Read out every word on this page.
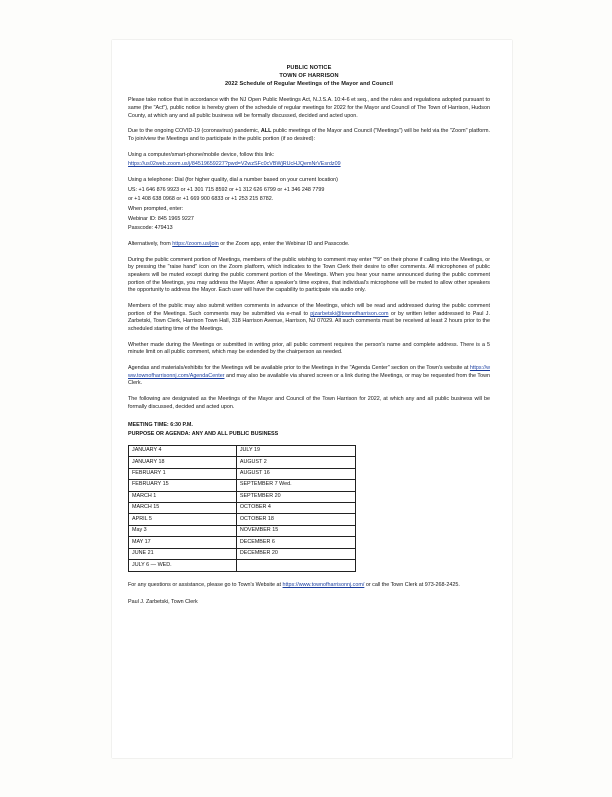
PUBLIC NOTICE
TOWN OF HARRISON
2022 Schedule of Regular Meetings of the Mayor and Council

Please take notice that in accordance with the NJ Open Public Meetings Act, N.J.S.A. 10:4-6 et seq., and the rules and regulations adopted pursuant to same (the "Act"), public notice is hereby given of the schedule of regular meetings for 2022 for the Mayor and Council of The Town of Harrison, Hudson County, at which any and all public business will be formally discussed, decided and acted upon.

Due to the ongoing COVID-19 (coronavirus) pandemic, ALL public meetings of the Mayor and Council ("Meetings") will be held via the "Zoom" platform. To join/view the Meetings and to participate in the public portion (if so desired):

Using a computer/smart-phone/mobile device, follow this link:

https://us02web.zoom.us/j/84519659227?pwd=V2wzSFc0cVBWjRUcHJQemNrVEsrdz09

Using a telephone: Dial (for higher quality, dial a number based on your current location)

US: +1 646 876 9923 or +1 301 715 8592 or +1 312 626 6799 or +1 346 248 7799

or +1 408 638 0968 or +1 669 900 6833 or +1 253 215 8782.

When prompted, enter:

Webinar ID: 845 1965 9227

Passcode: 479413

Alternatively, from https://zoom.us/join or the Zoom app, enter the Webinar ID and Passcode.

During the public comment portion of Meetings, members of the public wishing to comment may enter "*9" on their phone if calling into the Meetings, or by pressing the "raise hand" icon on the Zoom platform, which indicates to the Town Clerk their desire to offer comments. All microphones of public speakers will be muted except during the public comment portion of the Meetings. When you hear your name announced during the public comment portion of the Meetings, you may address the Mayor. After a speaker's time expires, that individual's microphone will be muted to allow other speakers the opportunity to address the Mayor. Each user will have the capability to participate via audio only.

Members of the public may also submit written comments in advance of the Meetings, which will be read and addressed during the public comment portion of the Meetings. Such comments may be submitted via e-mail to pjzarbetski@townofharrison.com or by written letter addressed to Paul J. Zarbetski, Town Clerk, Harrison Town Hall, 318 Harrison Avenue, Harrison, NJ 07029. All such comments must be received at least 2 hours prior to the scheduled starting time of the Meetings.

Whether made during the Meetings or submitted in writing prior, all public comment requires the person's name and complete address. There is a 5 minute limit on all public comment, which may be extended by the chairperson as needed.

Agendas and materials/exhibits for the Meetings will be available prior to the Meetings in the "Agenda Center" section on the Town's website at https://www.townofharrisonnj.com/AgendaCenter and may also be available via shared screen or a link during the Meetings, or may be requested from the Town Clerk.

The following are designated as the Meetings of the Mayor and Council of the Town Harrison for 2022, at which any and all public business will be formally discussed, decided and acted upon.

MEETING TIME: 6:30 P.M.
PURPOSE OR AGENDA: ANY AND ALL PUBLIC BUSINESS
JANUARY 4	JULY 19
JANUARY 18	AUGUST 2
FEBRUARY 1	AUGUST 16
FEBRUARY 15	SEPTEMBER 7 Wed.
MARCH 1	SEPTEMBER 20
MARCH 15	OCTOBER 4
APRIL 5	OCTOBER 18
May 3	NOVEMBER 15
MAY 17	DECEMBER 6
JUNE 21	DECEMBER 20
JULY 6 — WED.	

For any questions or assistance, please go to Town's Website at https://www.townofharrisonnj.com/ or call the Town Clerk at 973-268-2425.

Paul J. Zarbetski, Town Clerk
